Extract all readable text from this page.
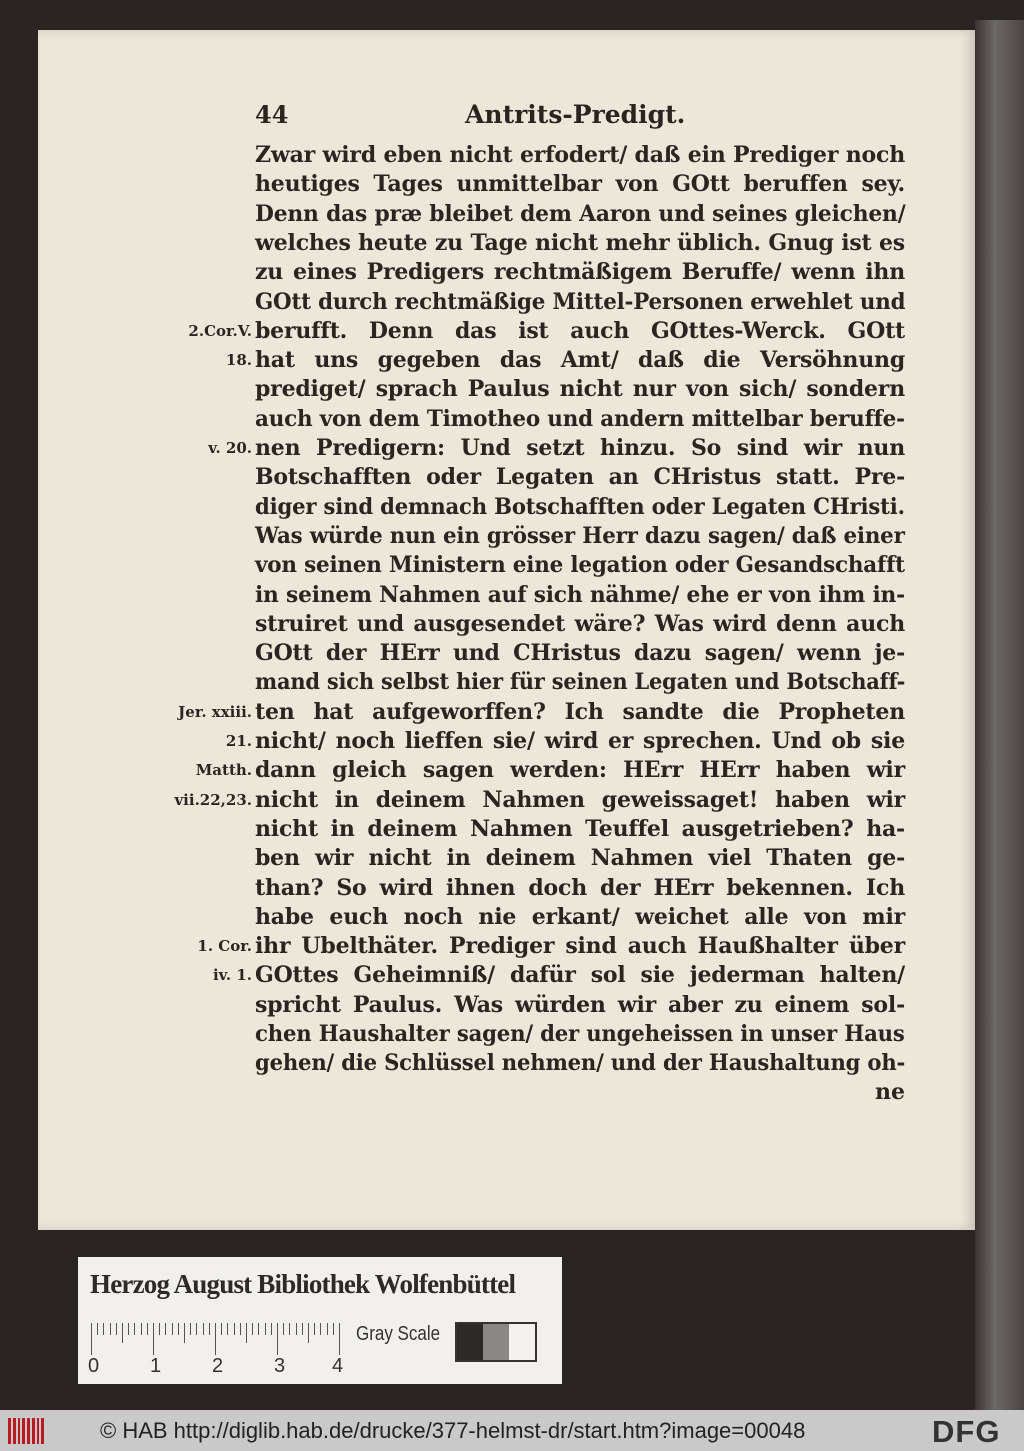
44	Antrits-Predigt.
Zwar wird eben nicht erfodert/ daß ein Prediger noch
heutiges Tages unmittelbar von GOtt beruffen sey.
Denn das præ bleibet dem Aaron und seines gleichen/
welches heute zu Tage nicht mehr üblich. Gnug ist es
zu eines Predigers rechtmäßigem Beruffe/ wenn ihn
GOtt durch rechtmäßige Mittel-Personen erwehlet und
berufft. Denn das ist auch GOttes-Werck. GOtt
2.Cor.V.
hat uns gegeben das Amt/ daß die Versöhnung
18.
prediget/ sprach Paulus nicht nur von sich/ sondern
auch von dem Timotheo und andern mittelbar beruffe-
nen Predigern: Und setzt hinzu. So sind wir nun
v. 20.
Botschafften oder Legaten an CHristus statt. Pre-
diger sind demnach Botschafften oder Legaten CHristi.
Was würde nun ein grösser Herr dazu sagen/ daß einer
von seinen Ministern eine legation oder Gesandschafft
in seinem Nahmen auf sich nähme/ ehe er von ihm in-
struiret und ausgesendet wäre? Was wird denn auch
GOtt der HErr und CHristus dazu sagen/ wenn je-
mand sich selbst hier für seinen Legaten und Botschaff-
ten hat aufgeworffen? Ich sandte die Propheten
Jer. xxiii.
nicht/ noch lieffen sie/ wird er sprechen. Und ob sie
21.
dann gleich sagen werden: HErr HErr haben wir
Matth.
nicht in deinem Nahmen geweissaget! haben wir
vii.22,23.
nicht in deinem Nahmen Teuffel ausgetrieben? ha-
ben wir nicht in deinem Nahmen viel Thaten ge-
than? So wird ihnen doch der HErr bekennen. Ich
habe euch noch nie erkant/ weichet alle von mir
ihr Ubelthäter. Prediger sind auch Haußhalter über
1. Cor.
GOttes Geheimniß/ dafür sol sie jederman halten/
iv. 1.
spricht Paulus. Was würden wir aber zu einem sol-
chen Haushalter sagen/ der ungeheissen in unser Haus
gehen/ die Schlüssel nehmen/ und der Haushaltung oh-
ne
Herzog August Bibliothek Wolfenbüttel
0	1	2	3 4
Gray Scale
© HAB http://diglib.hab.de/drucke/377-helmst-dr/start.htm?image=00048	DFG
